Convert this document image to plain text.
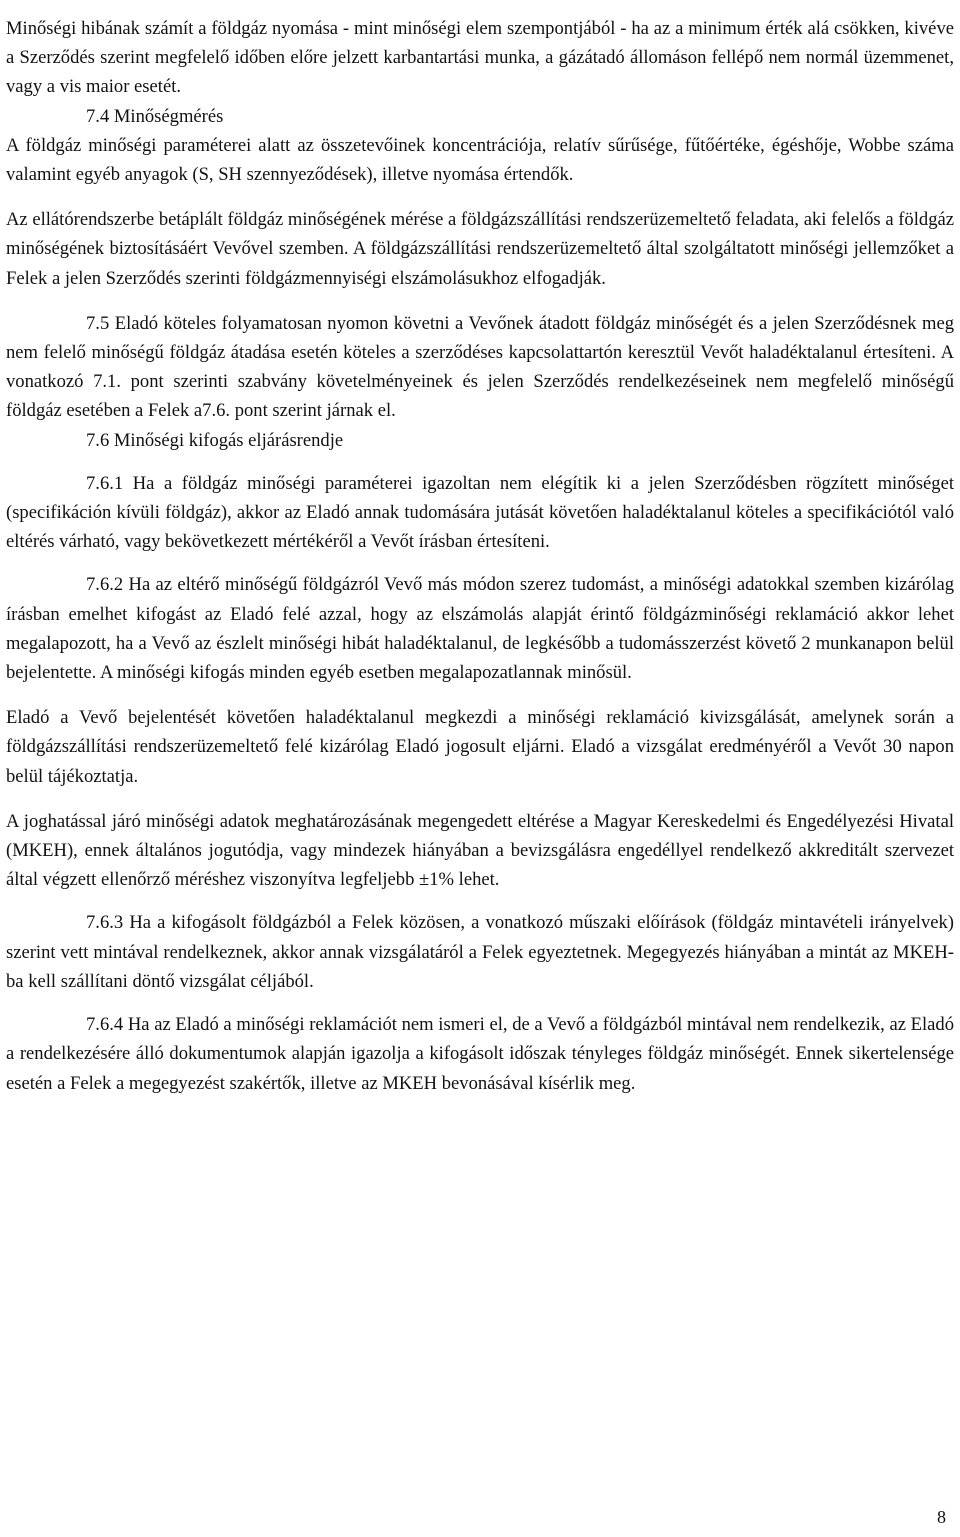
Minőségi hibának számít a földgáz nyomása - mint minőségi elem szempontjából - ha az a minimum érték alá csökken, kivéve a Szerződés szerint megfelelő időben előre jelzett karbantartási munka, a gázátadó állomáson fellépő nem normál üzemmenet, vagy a vis maior esetét.

7.4 Minőségmérés

A földgáz minőségi paraméterei alatt az összetevőinek koncentrációja, relatív sűrűsége, fűtőértéke, égéshője, Wobbe száma valamint egyéb anyagok (S, SH szennyeződések), illetve nyomása értendők.

Az ellátórendszerbe betáplált földgáz minőségének mérése a földgázszállítási rendszerüzemeltető feladata, aki felelős a földgáz minőségének biztosításáért Vevővel szemben. A földgázszállítási rendszerüzemeltető által szolgáltatott minőségi jellemzőket a Felek a jelen Szerződés szerinti földgázmennyiségi elszámolásukhoz elfogadják.

7.5 Eladó köteles folyamatosan nyomon követni a Vevőnek átadott földgáz minőségét és a jelen Szerződésnek meg nem felelő minőségű földgáz átadása esetén köteles a szerződéses kapcsolattartón keresztül Vevőt haladéktalanul értesíteni. A vonatkozó 7.1. pont szerinti szabvány követelményeinek és jelen Szerződés rendelkezéseinek nem megfelelő minőségű földgáz esetében a Felek a7.6. pont szerint járnak el.

7.6 Minőségi kifogás eljárásrendje

7.6.1 Ha a földgáz minőségi paraméterei igazoltan nem elégítik ki a jelen Szerződésben rögzített minőséget (specifikáción kívüli földgáz), akkor az Eladó annak tudomására jutását követően haladéktalanul köteles a specifikációtól való eltérés várható, vagy bekövetkezett mértékéről a Vevőt írásban értesíteni.

7.6.2 Ha az eltérő minőségű földgázról Vevő más módon szerez tudomást, a minőségi adatokkal szemben kizárólag írásban emelhet kifogást az Eladó felé azzal, hogy az elszámolás alapját érintő földgázminőségi reklamáció akkor lehet megalapozott, ha a Vevő az észlelt minőségi hibát haladéktalanul, de legkésőbb a tudomásszerzést követő 2 munkanapon belül bejelentette. A minőségi kifogás minden egyéb esetben megalapozatlannak minősül.

Eladó a Vevő bejelentését követően haladéktalanul megkezdi a minőségi reklamáció kivizsgálását, amelynek során a földgázszállítási rendszerüzemeltető felé kizárólag Eladó jogosult eljárni. Eladó a vizsgálat eredményéről a Vevőt 30 napon belül tájékoztatja.

A joghatással járó minőségi adatok meghatározásának megengedett eltérése a Magyar Kereskedelmi és Engedélyezési Hivatal (MKEH), ennek általános jogutódja, vagy mindezek hiányában a bevizsgálásra engedéllyel rendelkező akkreditált szervezet által végzett ellenőrző méréshez viszonyítva legfeljebb ±1% lehet.

7.6.3 Ha a kifogásolt földgázból a Felek közösen, a vonatkozó műszaki előírások (földgáz mintavételi irányelvek) szerint vett mintával rendelkeznek, akkor annak vizsgálatáról a Felek egyeztetnek. Megegyezés hiányában a mintát az MKEH-ba kell szállítani döntő vizsgálat céljából.

7.6.4 Ha az Eladó a minőségi reklamációt nem ismeri el, de a Vevő a földgázból mintával nem rendelkezik, az Eladó a rendelkezésére álló dokumentumok alapján igazolja a kifogásolt időszak tényleges földgáz minőségét. Ennek sikertelensége esetén a Felek a megegyezést szakértők, illetve az MKEH bevonásával kísérlik meg.

8
